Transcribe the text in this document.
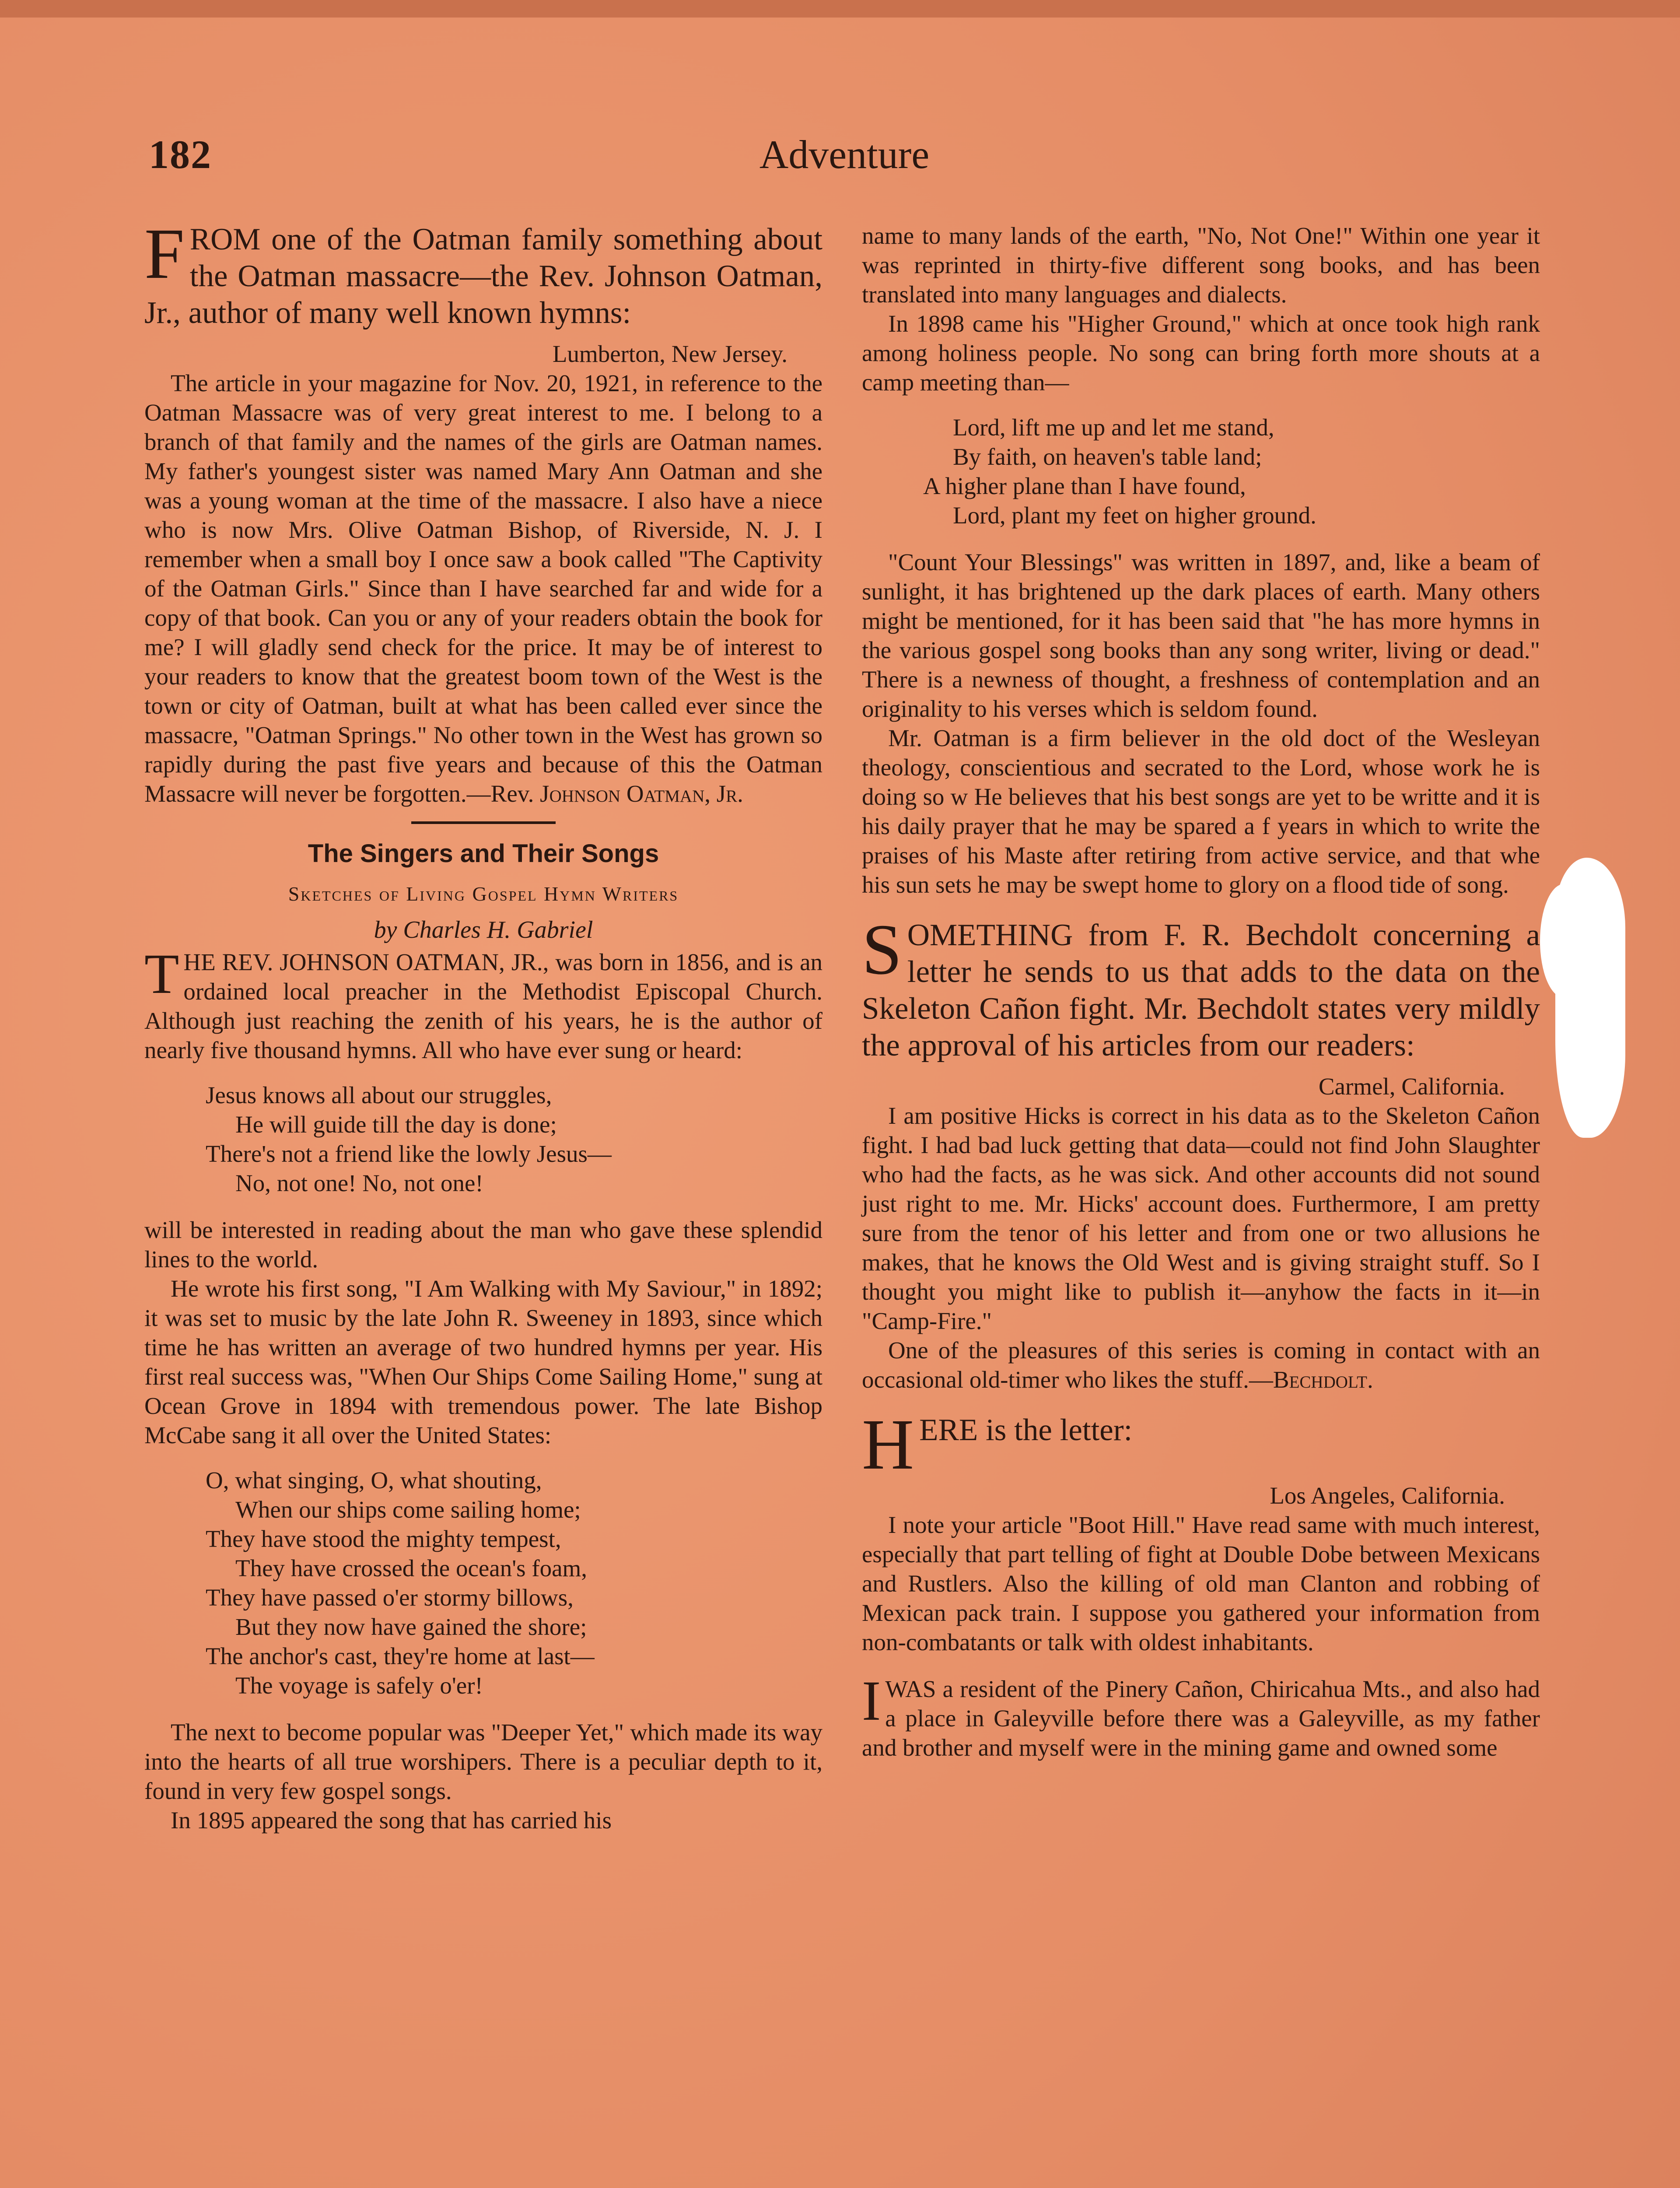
182	Adventure

FROM one of the Oatman family something about the Oatman massacre—the Rev. Johnson Oatman, Jr., author of many well known hymns:

Lumberton, New Jersey.

The article in your magazine for Nov. 20, 1921, in reference to the Oatman Massacre was of very great interest to me. I belong to a branch of that family and the names of the girls are Oatman names. My father's youngest sister was named Mary Ann Oatman and she was a young woman at the time of the massacre. I also have a niece who is now Mrs. Olive Oatman Bishop, of Riverside, N. J. I remember when a small boy I once saw a book called "The Captivity of the Oatman Girls." Since than I have searched far and wide for a copy of that book. Can you or any of your readers obtain the book for me? I will gladly send check for the price. It may be of interest to your readers to know that the greatest boom town of the West is the town or city of Oatman, built at what has been called ever since the massacre, "Oatman Springs." No other town in the West has grown so rapidly during the past five years and because of this the Oatman Massacre will never be forgotten.—Rev. Johnson Oatman, Jr.

The Singers and Their Songs

Sketches of Living Gospel Hymn Writers

by Charles H. Gabriel

THE REV. JOHNSON OATMAN, JR., was born in 1856, and is an ordained local preacher in the Methodist Episcopal Church. Although just reaching the zenith of his years, he is the author of nearly five thousand hymns. All who have ever sung or heard:

Jesus knows all about our struggles,
He will guide till the day is done;
There's not a friend like the lowly Jesus—
No, not one! No, not one!

will be interested in reading about the man who gave these splendid lines to the world.

He wrote his first song, "I Am Walking with My Saviour," in 1892; it was set to music by the late John R. Sweeney in 1893, since which time he has written an average of two hundred hymns per year. His first real success was, "When Our Ships Come Sailing Home," sung at Ocean Grove in 1894 with tremendous power. The late Bishop McCabe sang it all over the United States:

O, what singing, O, what shouting,
When our ships come sailing home;
They have stood the mighty tempest,
They have crossed the ocean's foam,
They have passed o'er stormy billows,
But they now have gained the shore;
The anchor's cast, they're home at last—
The voyage is safely o'er!

The next to become popular was "Deeper Yet," which made its way into the hearts of all true worshipers. There is a peculiar depth to it, found in very few gospel songs.

In 1895 appeared the song that has carried his

name to many lands of the earth, "No, Not One!" Within one year it was reprinted in thirty-five different song books, and has been translated into many languages and dialects.

In 1898 came his "Higher Ground," which at once took high rank among holiness people. No song can bring forth more shouts at a camp meeting than—

Lord, lift me up and let me stand,
By faith, on heaven's table land;
A higher plane than I have found,
Lord, plant my feet on higher ground.

"Count Your Blessings" was written in 1897, and, like a beam of sunlight, it has brightened up the dark places of earth. Many others might be mentioned, for it has been said that "he has more hymns in the various gospel song books than any song writer, living or dead." There is a newness of thought, a freshness of contemplation and an originality to his verses which is seldom found.

Mr. Oatman is a firm believer in the old doct of the Wesleyan theology, conscientious and secrated to the Lord, whose work he is doing so w He believes that his best songs are yet to be writte and it is his daily prayer that he may be spared a f years in which to write the praises of his Maste after retiring from active service, and that whe his sun sets he may be swept home to glory on a flood tide of song.

SOMETHING from F. R. Bechdolt concerning a letter he sends to us that adds to the data on the Skeleton Cañon fight. Mr. Bechdolt states very mildly the approval of his articles from our readers:

Carmel, California.

I am positive Hicks is correct in his data as to the Skeleton Cañon fight. I had bad luck getting that data—could not find John Slaughter who had the facts, as he was sick. And other accounts did not sound just right to me. Mr. Hicks' account does. Furthermore, I am pretty sure from the tenor of his letter and from one or two allusions he makes, that he knows the Old West and is giving straight stuff. So I thought you might like to publish it—anyhow the facts in it—in "Camp-Fire."

One of the pleasures of this series is coming in contact with an occasional old-timer who likes the stuff.—Bechdolt.

HERE is the letter:

Los Angeles, California.

I note your article "Boot Hill." Have read same with much interest, especially that part telling of fight at Double Dobe between Mexicans and Rustlers. Also the killing of old man Clanton and robbing of Mexican pack train. I suppose you gathered your information from non-combatants or talk with oldest inhabitants.

IWAS a resident of the Pinery Cañon, Chiricahua Mts., and also had a place in Galeyville before there was a Galeyville, as my father and brother and myself were in the mining game and owned some
